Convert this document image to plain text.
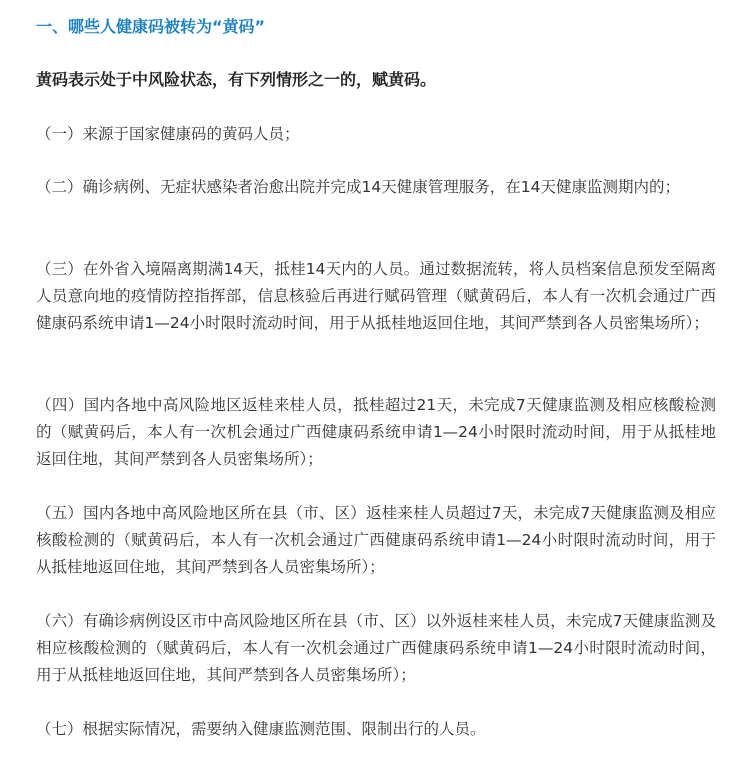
一、哪些人健康码被转为“黄码”

黄码表示处于中风险状态，有下列情形之一的，赋黄码。

（一）来源于国家健康码的黄码人员；

（二）确诊病例、无症状感染者治愈出院并完成14天健康管理服务，在14天健康监测期内的；

（三）在外省入境隔离期满14天，抵桂14天内的人员。通过数据流转，将人员档案信息预发至隔离人员意向地的疫情防控指挥部，信息核验后再进行赋码管理（赋黄码后，本人有一次机会通过广西健康码系统申请1—24小时限时流动时间，用于从抵桂地返回住地，其间严禁到各人员密集场所）；

（四）国内各地中高风险地区返桂来桂人员，抵桂超过21天，未完成7天健康监测及相应核酸检测的（赋黄码后，本人有一次机会通过广西健康码系统申请1—24小时限时流动时间，用于从抵桂地返回住地，其间严禁到各人员密集场所）；

（五）国内各地中高风险地区所在县（市、区）返桂来桂人员超过7天，未完成7天健康监测及相应核酸检测的（赋黄码后，本人有一次机会通过广西健康码系统申请1—24小时限时流动时间，用于从抵桂地返回住地，其间严禁到各人员密集场所）；

（六）有确诊病例设区市中高风险地区所在县（市、区）以外返桂来桂人员，未完成7天健康监测及相应核酸检测的（赋黄码后，本人有一次机会通过广西健康码系统申请1—24小时限时流动时间，用于从抵桂地返回住地，其间严禁到各人员密集场所）；

（七）根据实际情况，需要纳入健康监测范围、限制出行的人员。
